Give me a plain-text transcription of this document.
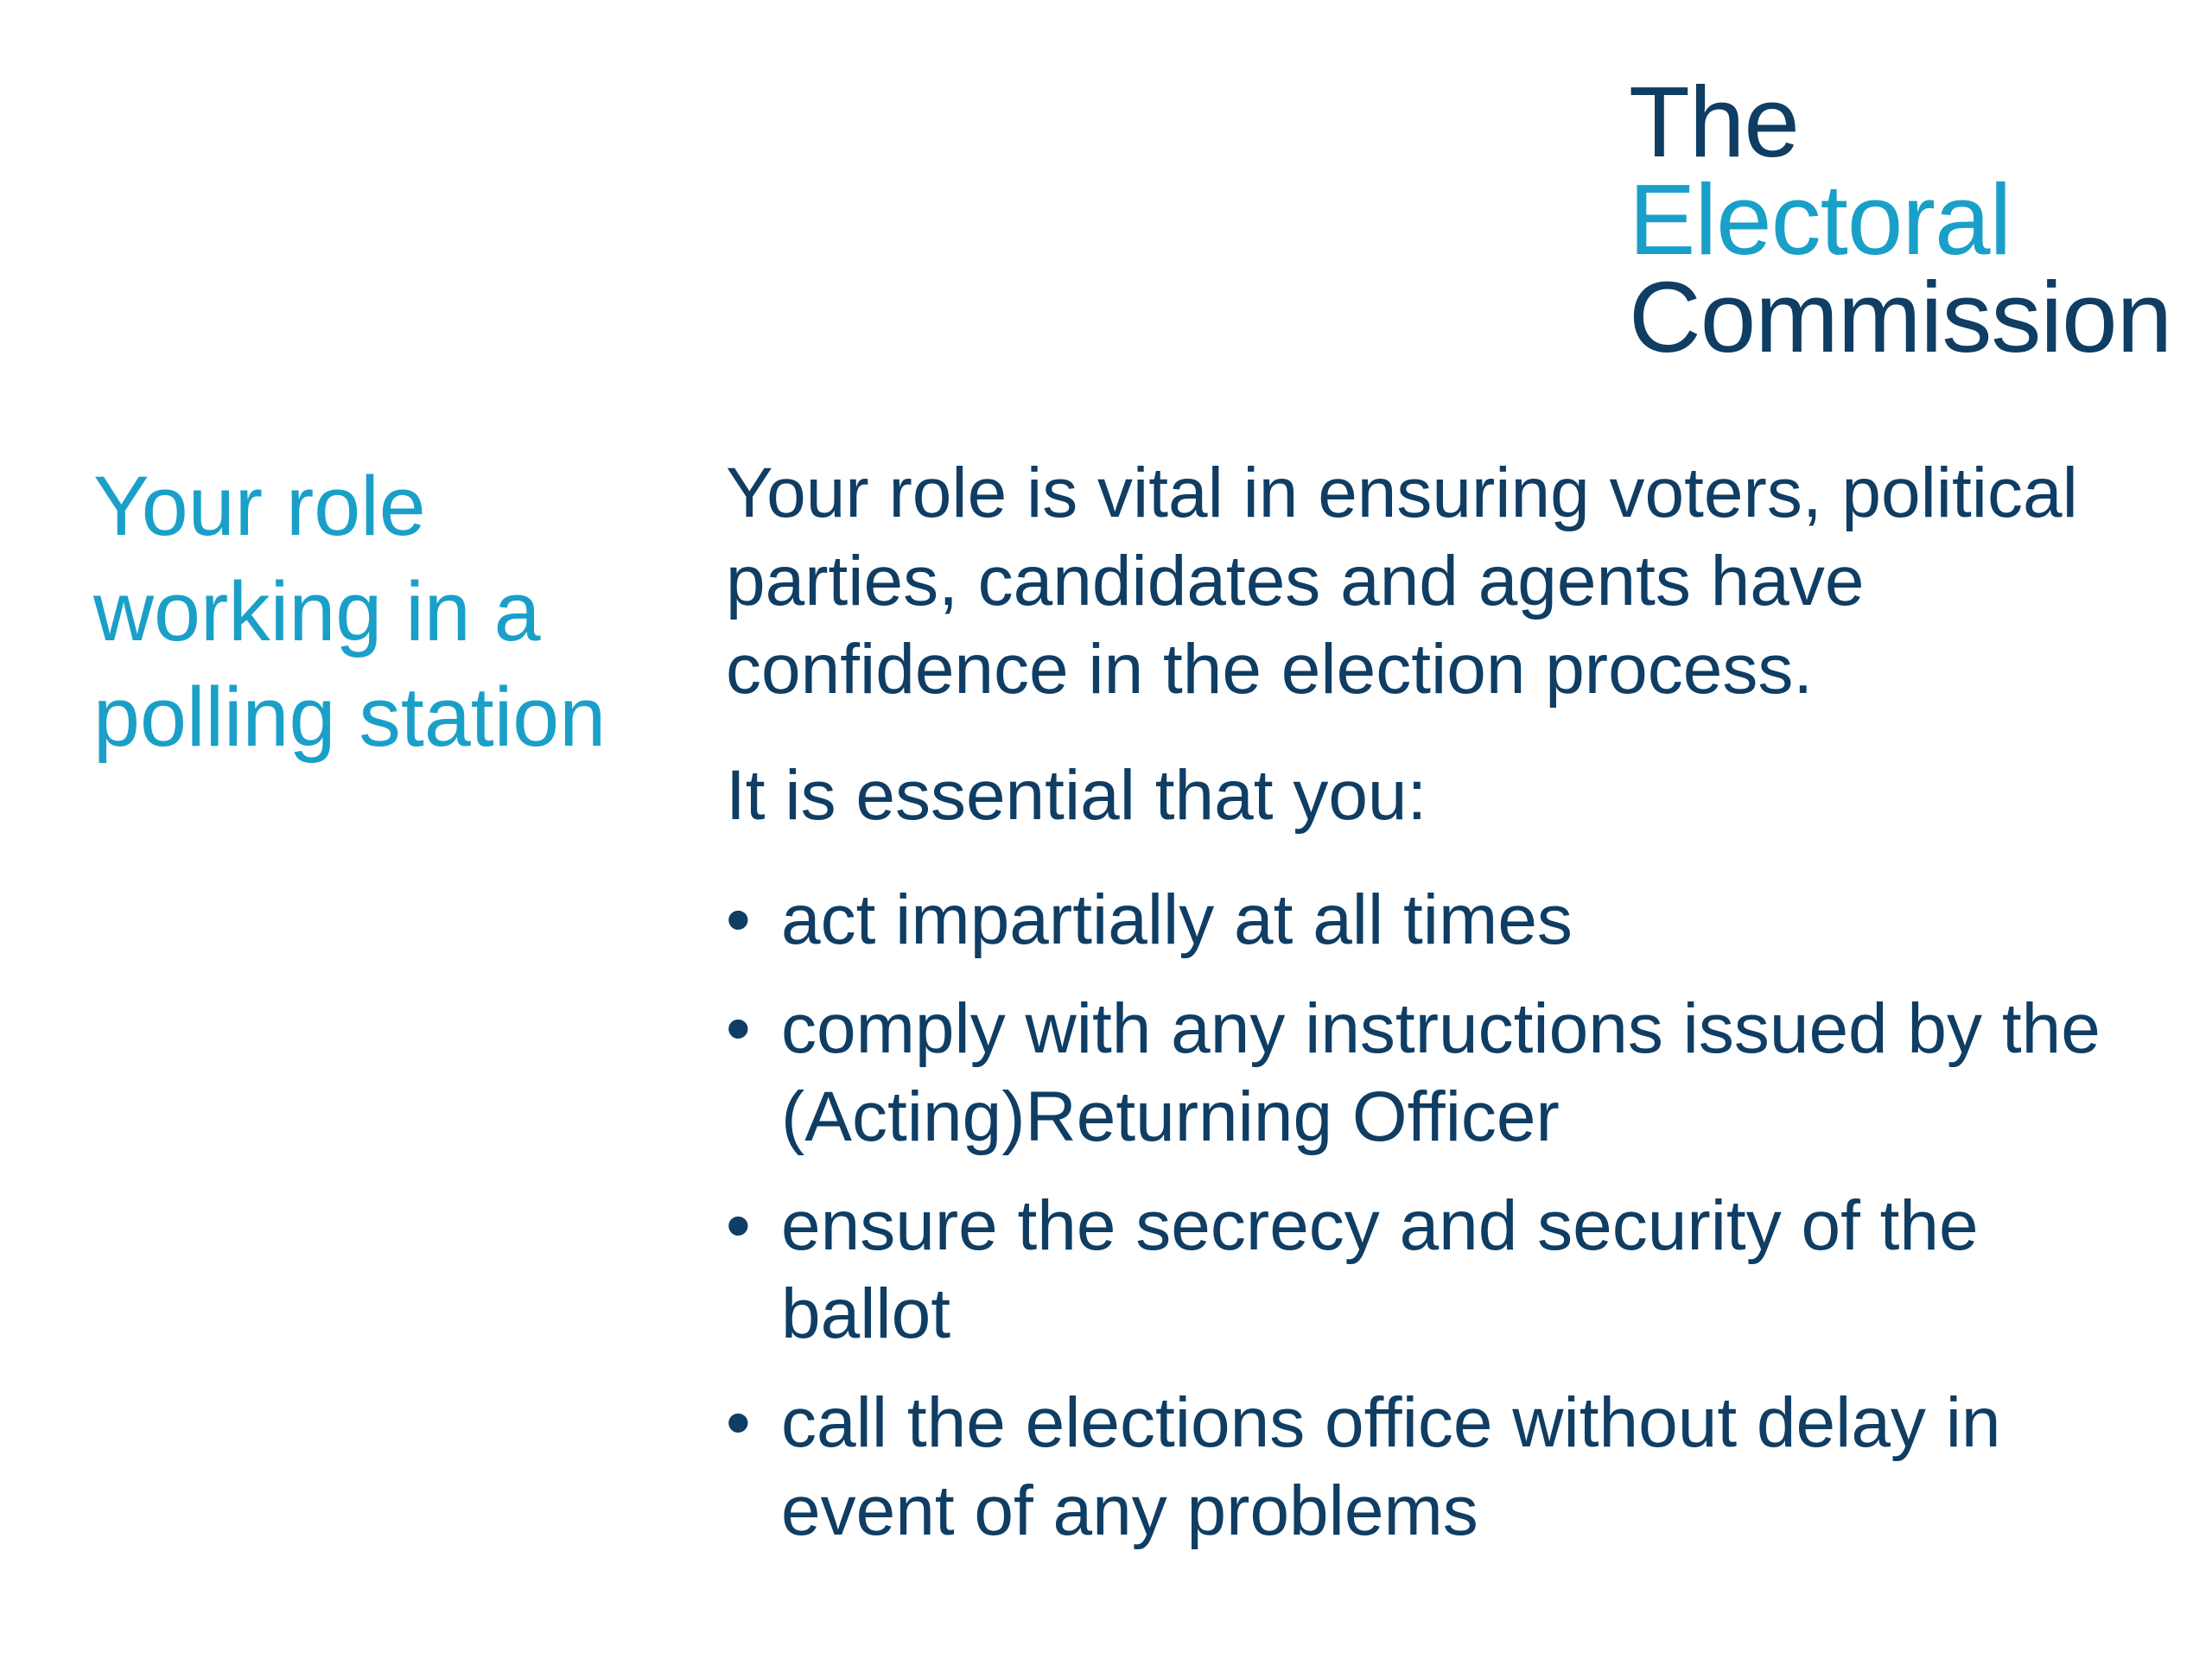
The
Electoral
Commission
Your role
working in a
polling station

Your role is vital in ensuring voters, political
parties, candidates and agents have
confidence in the election process.

It is essential that you:

• act impartially at all times
• comply with any instructions issued by the
(Acting)Returning Officer
• ensure the secrecy and security of the
ballot
• call the elections office without delay in
event of any problems
